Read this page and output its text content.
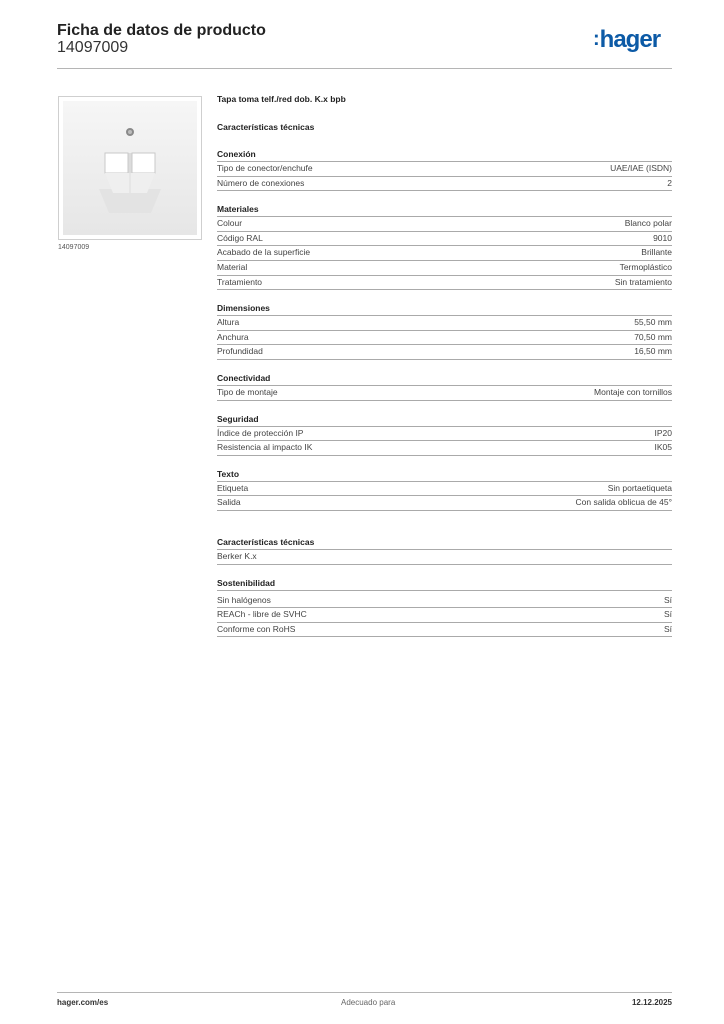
Ficha de datos de producto
14097009	:hager
14097009
Tapa toma telf./red dob. K.x bpb
Características técnicas
Conexión
Tipo de conector/enchufe	UAE/IAE (ISDN)
Número de conexiones	2
Materiales
Colour	Blanco polar
Código RAL	9010
Acabado de la superficie	Brillante
Material	Termoplástico
Tratamiento	Sin tratamiento
Dimensiones
Altura	55,50 mm
Anchura	70,50 mm
Profundidad	16,50 mm
Conectividad
Tipo de montaje	Montaje con tornillos
Seguridad
Índice de protección IP	IP20
Resistencia al impacto IK	IK05
Texto
Etiqueta	Sin portaetiqueta
Salida	Con salida oblicua de 45°
Características técnicas
Berker K.x
Sostenibilidad
Sin halógenos	Sí
REACh - libre de SVHC	Sí
Conforme con RoHS	Sí
hager.com/es	Adecuado para	12.12.2025
